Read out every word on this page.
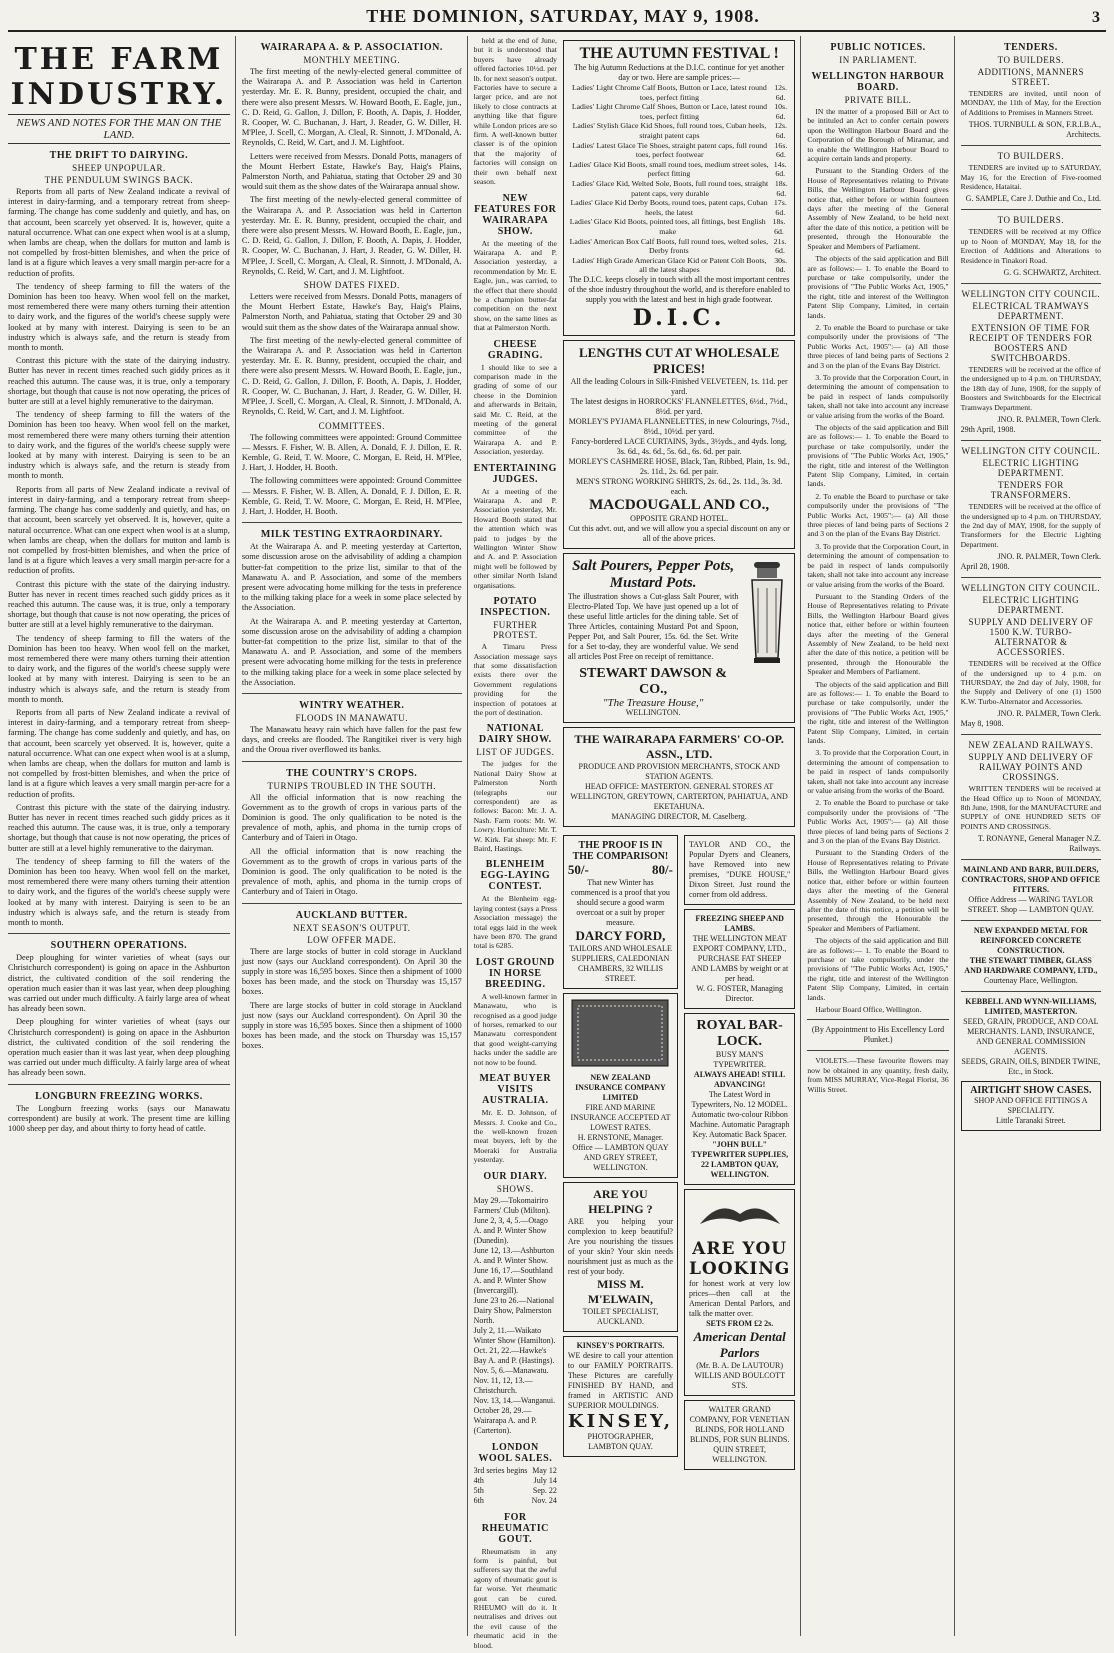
THE DOMINION, SATURDAY, MAY 9, 1908.	3
THE FARM INDUSTRY.
NEWS AND NOTES FOR THE MAN ON THE LAND.
THE DRIFT TO DAIRYING.
SHEEP UNPOPULAR.
THE PENDULUM SWINGS BACK.

Reports from all parts of New Zealand indicate a revival of interest in dairy-farming, and a temporary retreat from sheep-farming. The change has come suddenly and quietly, and has, on that account, been scarcely yet observed. It is, however, quite a natural occurrence. What can one expect when wool is at a slump, when lambs are cheap, when the dollars for mutton and lamb is not compelled by frost-bitten blemishes, and when the price of land is at a figure which leaves a very small margin per-acre for a reduction of profits.

The tendency of sheep farming to fill the waters of the Dominion has been too heavy. When wool fell on the market, most remembered there were many others turning their attention to dairy work, and the figures of the world's cheese supply were looked at by many with interest. Dairying is seen to be an industry which is always safe, and the return is steady from month to month.

Contrast this picture with the state of the dairying industry. Butter has never in recent times reached such giddy prices as it reached this autumn. The cause was, it is true, only a temporary shortage, but though that cause is not now operating, the prices of butter are still at a level highly remunerative to the dairyman.

The tendency of sheep farming to fill the waters of the Dominion has been too heavy. When wool fell on the market, most remembered there were many others turning their attention to dairy work, and the figures of the world's cheese supply were looked at by many with interest. Dairying is seen to be an industry which is always safe, and the return is steady from month to month.

Reports from all parts of New Zealand indicate a revival of interest in dairy-farming, and a temporary retreat from sheep-farming. The change has come suddenly and quietly, and has, on that account, been scarcely yet observed. It is, however, quite a natural occurrence. What can one expect when wool is at a slump, when lambs are cheap, when the dollars for mutton and lamb is not compelled by frost-bitten blemishes, and when the price of land is at a figure which leaves a very small margin per-acre for a reduction of profits.

Contrast this picture with the state of the dairying industry. Butter has never in recent times reached such giddy prices as it reached this autumn. The cause was, it is true, only a temporary shortage, but though that cause is not now operating, the prices of butter are still at a level highly remunerative to the dairyman.

The tendency of sheep farming to fill the waters of the Dominion has been too heavy. When wool fell on the market, most remembered there were many others turning their attention to dairy work, and the figures of the world's cheese supply were looked at by many with interest. Dairying is seen to be an industry which is always safe, and the return is steady from month to month.

Reports from all parts of New Zealand indicate a revival of interest in dairy-farming, and a temporary retreat from sheep-farming. The change has come suddenly and quietly, and has, on that account, been scarcely yet observed. It is, however, quite a natural occurrence. What can one expect when wool is at a slump, when lambs are cheap, when the dollars for mutton and lamb is not compelled by frost-bitten blemishes, and when the price of land is at a figure which leaves a very small margin per-acre for a reduction of profits.

Contrast this picture with the state of the dairying industry. Butter has never in recent times reached such giddy prices as it reached this autumn. The cause was, it is true, only a temporary shortage, but though that cause is not now operating, the prices of butter are still at a level highly remunerative to the dairyman.

The tendency of sheep farming to fill the waters of the Dominion has been too heavy. When wool fell on the market, most remembered there were many others turning their attention to dairy work, and the figures of the world's cheese supply were looked at by many with interest. Dairying is seen to be an industry which is always safe, and the return is steady from month to month.

SOUTHERN OPERATIONS.

Deep ploughing for winter varieties of wheat (says our Christchurch correspondent) is going on apace in the Ashburton district, the cultivated condition of the soil rendering the operation much easier than it was last year, when deep ploughing was carried out under much difficulty. A fairly large area of wheat has already been sown.

Deep ploughing for winter varieties of wheat (says our Christchurch correspondent) is going on apace in the Ashburton district, the cultivated condition of the soil rendering the operation much easier than it was last year, when deep ploughing was carried out under much difficulty. A fairly large area of wheat has already been sown.

LONGBURN FREEZING WORKS.

The Longburn freezing works (says our Manawatu correspondent) are busily at work. The present time are killing 1000 sheep per day, and about thirty to forty head of cattle.

WAIRARAPA A. & P. ASSOCIATION.
MONTHLY MEETING.

The first meeting of the newly-elected general committee of the Wairarapa A. and P. Association was held in Carterton yesterday. Mr. E. R. Bunny, president, occupied the chair, and there were also present Messrs. W. Howard Booth, E. Eagle, jun., C. D. Reid, G. Gallon, J. Dillon, F. Booth, A. Dapis, J. Hodder, R. Cooper, W. C. Buchanan, J. Hart, J. Reader, G. W. Diller, H. M'Plee, J. Scell, C. Morgan, A. Cleal, R. Sinnott, J. M'Donald, A. Reynolds, C. Reid, W. Cart, and J. M. Lightfoot.

Letters were received from Messrs. Donald Potts, managers of the Mount Herbert Estate, Hawke's Bay, Haig's Plains, Palmerston North, and Pahiatua, stating that October 29 and 30 would suit them as the show dates of the Wairarapa annual show.

The first meeting of the newly-elected general committee of the Wairarapa A. and P. Association was held in Carterton yesterday. Mr. E. R. Bunny, president, occupied the chair, and there were also present Messrs. W. Howard Booth, E. Eagle, jun., C. D. Reid, G. Gallon, J. Dillon, F. Booth, A. Dapis, J. Hodder, R. Cooper, W. C. Buchanan, J. Hart, J. Reader, G. W. Diller, H. M'Plee, J. Scell, C. Morgan, A. Cleal, R. Sinnott, J. M'Donald, A. Reynolds, C. Reid, W. Cart, and J. M. Lightfoot.

SHOW DATES FIXED.

Letters were received from Messrs. Donald Potts, managers of the Mount Herbert Estate, Hawke's Bay, Haig's Plains, Palmerston North, and Pahiatua, stating that October 29 and 30 would suit them as the show dates of the Wairarapa annual show.

The first meeting of the newly-elected general committee of the Wairarapa A. and P. Association was held in Carterton yesterday. Mr. E. R. Bunny, president, occupied the chair, and there were also present Messrs. W. Howard Booth, E. Eagle, jun., C. D. Reid, G. Gallon, J. Dillon, F. Booth, A. Dapis, J. Hodder, R. Cooper, W. C. Buchanan, J. Hart, J. Reader, G. W. Diller, H. M'Plee, J. Scell, C. Morgan, A. Cleal, R. Sinnott, J. M'Donald, A. Reynolds, C. Reid, W. Cart, and J. M. Lightfoot.

COMMITTEES.

The following committees were appointed: Ground Committee — Messrs. F. Fisher, W. B. Allen, A. Donald, F. J. Dillon, E. R. Kemble, G. Reid, T. W. Moore, C. Morgan, E. Reid, H. M'Plee, J. Hart, J. Hodder, H. Booth.

The following committees were appointed: Ground Committee — Messrs. F. Fisher, W. B. Allen, A. Donald, F. J. Dillon, E. R. Kemble, G. Reid, T. W. Moore, C. Morgan, E. Reid, H. M'Plee, J. Hart, J. Hodder, H. Booth.

MILK TESTING EXTRAORDINARY.

At the Wairarapa A. and P. meeting yesterday at Carterton, some discussion arose on the advisability of adding a champion butter-fat competition to the prize list, similar to that of the Manawatu A. and P. Association, and some of the members present were advocating home milking for the tests in preference to the milking taking place for a week in some place selected by the Association.

At the Wairarapa A. and P. meeting yesterday at Carterton, some discussion arose on the advisability of adding a champion butter-fat competition to the prize list, similar to that of the Manawatu A. and P. Association, and some of the members present were advocating home milking for the tests in preference to the milking taking place for a week in some place selected by the Association.

WINTRY WEATHER.
FLOODS IN MANAWATU.

The Manawatu heavy rain which have fallen for the past few days, and creeks are flooded. The Rangitikei river is very high and the Oroua river overflowed its banks.

THE COUNTRY'S CROPS.
TURNIPS TROUBLED IN THE SOUTH.

All the official information that is now reaching the Government as to the growth of crops in various parts of the Dominion is good. The only qualification to be noted is the prevalence of moth, aphis, and phoma in the turnip crops of Canterbury and of Taieri in Otago.

All the official information that is now reaching the Government as to the growth of crops in various parts of the Dominion is good. The only qualification to be noted is the prevalence of moth, aphis, and phoma in the turnip crops of Canterbury and of Taieri in Otago.

AUCKLAND BUTTER.
NEXT SEASON'S OUTPUT.
LOW OFFER MADE.

There are large stocks of butter in cold storage in Auckland just now (says our Auckland correspondent). On April 30 the supply in store was 16,595 boxes. Since then a shipment of 1000 boxes has been made, and the stock on Thursday was 15,157 boxes.

There are large stocks of butter in cold storage in Auckland just now (says our Auckland correspondent). On April 30 the supply in store was 16,595 boxes. Since then a shipment of 1000 boxes has been made, and the stock on Thursday was 15,157 boxes.

held at the end of June, but it is understood that buyers have already offered factories 10½d. per lb. for next season's output. Factories have to secure a larger price, and are not likely to close contracts at anything like that figure while London prices are so firm. A well-known butter classer is of the opinion that the majority of factories will consign on their own behalf next season.

NEW FEATURES FOR WAIRARAPA SHOW.

At the meeting of the Wairarapa A. and P. Association yesterday, a recommendation by Mr. E. Eagle, jun., was carried, to the effect that there should be a champion butter-fat competition on the next show, on the same lines as that at Palmerston North.

CHEESE GRADING.

I should like to see a comparison made in the grading of some of our cheese in the Dominion and afterwards in Britain, said Mr. C. Reid, at the meeting of the general committee of the Wairarapa A. and P. Association, yesterday.

ENTERTAINING JUDGES.

At a meeting of the Wairarapa A. and P. Association yesterday, Mr. Howard Booth stated that the attention which was paid to judges by the Wellington Winter Show and A. and P. Association might well be followed by other similar North Island organisations.

POTATO INSPECTION.
FURTHER PROTEST.

A Timaru Press Association message says that some dissatisfaction exists there over the Government regulations providing for the inspection of potatoes at the port of destination.

NATIONAL DAIRY SHOW.
LIST OF JUDGES.

The judges for the National Dairy Show at Palmerston North (telegraphs our correspondent) are as follows: Bacon: Mr. J. A. Nash. Farm roots: Mr. W. Lowry. Horticulture: Mr. T. W. Kirk. Fat sheep: Mr. F. Baird, Hastings.

BLENHEIM EGG-LAYING CONTEST.

At the Blenheim egg-laying contest (says a Press Association message) the total eggs laid in the week have been 870. The grand total is 6285.

LOST GROUND IN HORSE BREEDING.

A well-known farmer in Manawatu, who is recognised as a good judge of horses, remarked to our Manawatu correspondent that good weight-carrying hacks under the saddle are not now to be found.

MEAT BUYER VISITS AUSTRALIA.

Mr. E. D. Johnson, of Messrs. J. Cooke and Co., the well-known frozen meat buyers, left by the Moeraki for Australia yesterday.

OUR DIARY.
SHOWS.
May 29.—Tokomairiro Farmers' Club (Milton).
June 2, 3, 4, 5.—Otago A. and P. Winter Show (Dunedin).
June 12, 13.—Ashburton A. and P. Winter Show.
June 16, 17.—Southland A. and P. Winter Show (Invercargill).
June 23 to 26.—National Dairy Show, Palmerston North.
July 2, 11.—Waikato Winter Show (Hamilton).
Oct. 21, 22.—Hawke's Bay A. and P. (Hastings).
Nov. 5, 6.—Manawatu.
Nov. 11, 12, 13.—Christchurch.
Nov. 13, 14.—Wanganui.
October 28, 29.—Wairarapa A. and P. (Carterton).
LONDON WOOL SALES.
3rd series begins May 12
4th	July 14
5th	Sep. 22
6th	Nov. 24
FOR RHEUMATIC GOUT.

Rheumatism in any form is painful, but sufferers say that the awful agony of rheumatic gout is far worse. Yet rheumatic gout can be cured. RHEUMO will do it. It neutralises and drives out the evil cause of the rheumatic acid in the blood.

THE AUTUMN FESTIVAL !
The big Autumn Reductions at the D.I.C. continue for yet another day or two. Here are sample prices:—
Ladies' Light Chrome Calf Boots, Button or Lace, latest round toes, perfect fitting
12s. 6d.
Ladies' Light Chrome Calf Shoes, Button or Lace, latest round toes, perfect fitting
10s. 6d.
Ladies' Stylish Glace Kid Shoes, full round toes, Cuban heels, straight patent caps
12s. 6d.
Ladies' Latest Glace Tie Shoes, straight patent caps, full round toes, perfect footwear
16s. 6d.
Ladies' Glace Kid Boots, small round toes, medium street soles, perfect fitting
14s. 6d.
Ladies' Glace Kid, Welted Sole, Boots, full round toes, straight patent caps, very durable
18s. 6d.
Ladies' Glace Kid Derby Boots, round toes, patent caps, Cuban heels, the latest
17s. 6d.
Ladies' Glace Kid Boots, pointed toes, all fittings, best English make
18s. 6d.
Ladies' American Box Calf Boots, full round toes, welted soles, Derby fronts
21s. 6d.
Ladies' High Grade American Glace Kid or Patent Colt Boots, all the latest shapes
30s. 0d.
The D.I.C. keeps closely in touch with all the most important centres of the shoe industry throughout the world, and is therefore enabled to supply you with the latest and best in high grade footwear.
D.I.C.
LENGTHS CUT AT WHOLESALE PRICES!
All the leading Colours in Silk-Finished VELVETEEN, 1s. 11d. per yard.
The latest designs in HORROCKS' FLANNELETTES, 6½d., 7½d., 8½d. per yard.
MORLEY'S PYJAMA FLANNELETTES, in new Colourings, 7½d., 8½d., 10½d. per yard.
Fancy-bordered LACE CURTAINS, 3yds., 3½yds., and 4yds. long, 3s. 6d., 4s. 6d., 5s. 6d., 6s. 6d. per pair.
MORLEY'S CASHMERE HOSE, Black, Tan, Ribbed, Plain, 1s. 9d., 2s. 11d., 2s. 6d. per pair.
MEN'S STRONG WORKING SHIRTS, 2s. 6d., 2s. 11d., 3s. 3d. each.
MACDOUGALL AND CO.,
OPPOSITE GRAND HOTEL.
Cut this advt. out, and we will allow you a special discount on any or all of the above prices.
Salt Pourers, Pepper Pots, Mustard Pots.
The illustration shows a Cut-glass Salt Pourer, with Electro-Plated Top. We have just opened up a lot of these useful little articles for the dining table. Set of Three Articles, containing Mustard Pot and Spoon, Pepper Pot, and Salt Pourer, 15s. 6d. the Set. Write for a Set to-day, they are wonderful value. We send all articles Post Free on receipt of remittance.
STEWART DAWSON & CO.,
"The Treasure House,"
WELLINGTON.
THE WAIRARAPA FARMERS' CO-OP. ASSN., LTD.
PRODUCE AND PROVISION MERCHANTS, STOCK AND STATION AGENTS.
HEAD OFFICE: MASTERTON. GENERAL STORES AT WELLINGTON, GREYTOWN, CARTERTON, PAHIATUA, AND EKETAHUNA.
MANAGING DIRECTOR, M. Caselberg.
THE PROOF IS IN THE COMPARISON!
50/-	80/-
That new Winter has commenced is a proof that you should secure a good warm overcoat or a suit by proper measure.
DARCY FORD,
TAILORS AND WHOLESALE SUPPLIERS, CALEDONIAN CHAMBERS, 32 WILLIS STREET.
NEW ZEALAND INSURANCE COMPANY LIMITED
FIRE AND MARINE INSURANCE ACCEPTED AT LOWEST RATES.
H. ERNSTONE, Manager.
Office — LAMBTON QUAY AND GREY STREET, WELLINGTON.
ARE YOU HELPING ?
ARE you helping your complexion to keep beautiful? Are you nourishing the tissues of your skin? Your skin needs nourishment just as much as the rest of your body.
MISS M. M'ELWAIN,
TOILET SPECIALIST, AUCKLAND.
KINSEY'S PORTRAITS.
WE desire to call your attention to our FAMILY PORTRAITS. These Pictures are carefully FINISHED BY HAND, and framed in ARTISTIC AND SUPERIOR MOULDINGS.
KINSEY,
PHOTOGRAPHER, LAMBTON QUAY.
TAYLOR AND CO., the Popular Dyers and Cleaners, have Removed into new premises, "DUKE HOUSE," Dixon Street. Just round the corner from old address.
FREEZING SHEEP AND LAMBS.
THE WELLINGTON MEAT EXPORT COMPANY, LTD.,
PURCHASE FAT SHEEP AND LAMBS by weight or at per head.
W. G. FOSTER, Managing Director.
ROYAL BAR-LOCK.
BUSY MAN'S TYPEWRITER.
ALWAYS AHEAD! STILL ADVANCING!
The Latest Word in Typewriters, No. 12 MODEL. Automatic two-colour Ribbon Machine. Automatic Paragraph Key. Automatic Back Spacer.
"JOHN BULL" TYPEWRITER SUPPLIES, 22 LAMBTON QUAY, WELLINGTON.
ARE YOU LOOKING
for honest work at very low prices—then call at the American Dental Parlors, and talk the matter over.
SETS FROM £2 2s.
American Dental Parlors
(Mr. B. A. De LAUTOUR)
WILLIS AND BOULCOTT STS.
WALTER GRAND COMPANY, FOR VENETIAN BLINDS, FOR HOLLAND BLINDS, FOR SUN BLINDS.
QUIN STREET, WELLINGTON.
PUBLIC NOTICES.
IN PARLIAMENT.
WELLINGTON HARBOUR BOARD.
PRIVATE BILL.

IN the matter of a proposed Bill or Act to be intituled an Act to confer certain powers upon the Wellington Harbour Board and the Corporation of the Borough of Miramar, and to enable the Wellington Harbour Board to acquire certain lands and property.

Pursuant to the Standing Orders of the House of Representatives relating to Private Bills, the Wellington Harbour Board gives notice that, either before or within fourteen days after the meeting of the General Assembly of New Zealand, to be held next after the date of this notice, a petition will be presented, through the Honourable the Speaker and Members of Parliament.

The objects of the said application and Bill are as follows:— 1. To enable the Board to purchase or take compulsorily, under the provisions of "The Public Works Act, 1905," the right, title and interest of the Wellington Patent Slip Company, Limited, in certain lands.

2. To enable the Board to purchase or take compulsorily under the provisions of "The Public Works Act, 1905":— (a) All those three pieces of land being parts of Sections 2 and 3 on the plan of the Evans Bay District.

3. To provide that the Corporation Court, in determining the amount of compensation to be paid in respect of lands compulsorily taken, shall not take into account any increase or value arising from the works of the Board.

The objects of the said application and Bill are as follows:— 1. To enable the Board to purchase or take compulsorily, under the provisions of "The Public Works Act, 1905," the right, title and interest of the Wellington Patent Slip Company, Limited, in certain lands.

2. To enable the Board to purchase or take compulsorily under the provisions of "The Public Works Act, 1905":— (a) All those three pieces of land being parts of Sections 2 and 3 on the plan of the Evans Bay District.

3. To provide that the Corporation Court, in determining the amount of compensation to be paid in respect of lands compulsorily taken, shall not take into account any increase or value arising from the works of the Board.

Pursuant to the Standing Orders of the House of Representatives relating to Private Bills, the Wellington Harbour Board gives notice that, either before or within fourteen days after the meeting of the General Assembly of New Zealand, to be held next after the date of this notice, a petition will be presented, through the Honourable the Speaker and Members of Parliament.

The objects of the said application and Bill are as follows:— 1. To enable the Board to purchase or take compulsorily, under the provisions of "The Public Works Act, 1905," the right, title and interest of the Wellington Patent Slip Company, Limited, in certain lands.

3. To provide that the Corporation Court, in determining the amount of compensation to be paid in respect of lands compulsorily taken, shall not take into account any increase or value arising from the works of the Board.

2. To enable the Board to purchase or take compulsorily under the provisions of "The Public Works Act, 1905":— (a) All those three pieces of land being parts of Sections 2 and 3 on the plan of the Evans Bay District.

Pursuant to the Standing Orders of the House of Representatives relating to Private Bills, the Wellington Harbour Board gives notice that, either before or within fourteen days after the meeting of the General Assembly of New Zealand, to be held next after the date of this notice, a petition will be presented, through the Honourable the Speaker and Members of Parliament.

The objects of the said application and Bill are as follows:— 1. To enable the Board to purchase or take compulsorily, under the provisions of "The Public Works Act, 1905," the right, title and interest of the Wellington Patent Slip Company, Limited, in certain lands.

Harbour Board Office, Wellington.

(By Appointment to His Excellency Lord Plunket.)

VIOLETS.—These favourite flowers may now be obtained in any quantity, fresh daily, from MISS MURRAY, Vice-Regal Florist, 36 Willis Street.

TENDERS.
TO BUILDERS.
ADDITIONS, MANNERS STREET.

TENDERS are invited, until noon of MONDAY, the 11th of May, for the Erection of Additions to Premises in Manners Street.

THOS. TURNBULL & SON, F.R.I.B.A., Architects.
TO BUILDERS.

TENDERS are invited up to SATURDAY, May 16, for the Erection of Five-roomed Residence, Hataitai.

G. SAMPLE, Care J. Duthie and Co., Ltd.
TO BUILDERS.

TENDERS will be received at my Office up to Noon of MONDAY, May 18, for the Erection of Additions and Alterations to Residence in Tinakori Road.

G. G. SCHWARTZ, Architect.
WELLINGTON CITY COUNCIL.
ELECTRICAL TRAMWAYS DEPARTMENT.
EXTENSION OF TIME FOR RECEIPT OF TENDERS FOR BOOSTERS AND SWITCHBOARDS.

TENDERS will be received at the office of the undersigned up to 4 p.m. on THURSDAY, the 18th day of June, 1908, for the supply of Boosters and Switchboards for the Electrical Tramways Department.

JNO. R. PALMER, Town Clerk.
29th April, 1908.
WELLINGTON CITY COUNCIL.
ELECTRIC LIGHTING DEPARTMENT.
TENDERS FOR TRANSFORMERS.

TENDERS will be received at the office of the undersigned up to 4 p.m. on THURSDAY, the 2nd day of MAY, 1908, for the supply of Transformers for the Electric Lighting Department.

JNO. R. PALMER, Town Clerk.
April 28, 1908.
WELLINGTON CITY COUNCIL.
ELECTRIC LIGHTING DEPARTMENT.
SUPPLY AND DELIVERY OF 1500 K.W. TURBO-ALTERNATOR & ACCESSORIES.

TENDERS will be received at the Office of the undersigned up to 4 p.m. on THURSDAY, the 2nd day of July, 1908, for the Supply and Delivery of one (1) 1500 K.W. Turbo-Alternator and Accessories.

JNO. R. PALMER, Town Clerk.
May 8, 1908.
NEW ZEALAND RAILWAYS.
SUPPLY AND DELIVERY OF RAILWAY POINTS AND CROSSINGS.

WRITTEN TENDERS will be received at the Head Office up to Noon of MONDAY, 8th June, 1908, for the MANUFACTURE and SUPPLY of ONE HUNDRED SETS OF POINTS AND CROSSINGS.

T. RONAYNE, General Manager N.Z. Railways.
MAINLAND AND BARR, BUILDERS, CONTRACTORS, SHOP AND OFFICE FITTERS.
Office Address — WARING TAYLOR STREET. Shop — LAMBTON QUAY.
NEW EXPANDED METAL FOR REINFORCED CONCRETE CONSTRUCTION.
THE STEWART TIMBER, GLASS AND HARDWARE COMPANY, LTD.,
Courtenay Place, Wellington.
KEBBELL AND WYNN-WILLIAMS, LIMITED, MASTERTON.
SEED, GRAIN, PRODUCE, AND COAL MERCHANTS. LAND, INSURANCE, AND GENERAL COMMISSION AGENTS.
SEEDS, GRAIN, OILS, BINDER TWINE, Etc., in Stock.
AIRTIGHT SHOW CASES.
SHOP AND OFFICE FITTINGS A SPECIALITY.
Little Taranaki Street.
